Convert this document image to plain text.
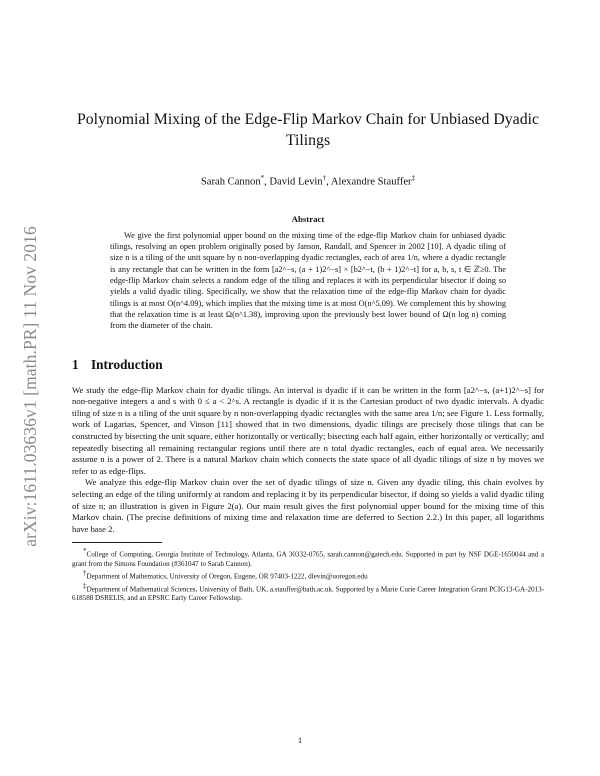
arXiv:1611.03636v1 [math.PR] 11 Nov 2016
Polynomial Mixing of the Edge-Flip Markov Chain for Unbiased Dyadic Tilings
Sarah Cannon*, David Levin†, Alexandre Stauffer‡
Abstract

We give the first polynomial upper bound on the mixing time of the edge-flip Markov chain for unbiased dyadic tilings, resolving an open problem originally posed by Janson, Randall, and Spencer in 2002 [10]. A dyadic tiling of size n is a tiling of the unit square by n non-overlapping dyadic rectangles, each of area 1/n, where a dyadic rectangle is any rectangle that can be written in the form [a2^−s, (a + 1)2^−s] × [b2^−t, (b + 1)2^−t] for a, b, s, t ∈ ℤ≥0. The edge-flip Markov chain selects a random edge of the tiling and replaces it with its perpendicular bisector if doing so yields a valid dyadic tiling. Specifically, we show that the relaxation time of the edge-flip Markov chain for dyadic tilings is at most O(n^4.09), which implies that the mixing time is at most O(n^5.09). We complement this by showing that the relaxation time is at least Ω(n^1.38), improving upon the previously best lower bound of Ω(n log n) coming from the diameter of the chain.

1 Introduction

We study the edge-flip Markov chain for dyadic tilings. An interval is dyadic if it can be written in the form [a2^−s, (a+1)2^−s] for non-negative integers a and s with 0 ≤ a < 2^s. A rectangle is dyadic if it is the Cartesian product of two dyadic intervals. A dyadic tiling of size n is a tiling of the unit square by n non-overlapping dyadic rectangles with the same area 1/n; see Figure 1. Less formally, work of Lagarias, Spencer, and Vinson [11] showed that in two dimensions, dyadic tilings are precisely those tilings that can be constructed by bisecting the unit square, either horizontally or vertically; bisecting each half again, either horizontally or vertically; and repeatedly bisecting all remaining rectangular regions until there are n total dyadic rectangles, each of equal area. We necessarily assume n is a power of 2. There is a natural Markov chain which connects the state space of all dyadic tilings of size n by moves we refer to as edge-flips.

We analyze this edge-flip Markov chain over the set of dyadic tilings of size n. Given any dyadic tiling, this chain evolves by selecting an edge of the tiling uniformly at random and replacing it by its perpendicular bisector, if doing so yields a valid dyadic tiling of size n; an illustration is given in Figure 2(a). Our main result gives the first polynomial upper bound for the mixing time of this Markov chain. (The precise definitions of mixing time and relaxation time are deferred to Section 2.2.) In this paper, all logarithms have base 2.

*College of Computing, Georgia Institute of Technology, Atlanta, GA 30332-0765, sarah.cannon@gatech.edu. Supported in part by NSF DGE-1650044 and a grant from the Simons Foundation (#361047 to Sarah Cannon).

†Department of Mathematics, University of Oregon, Eugene, OR 97403-1222, dlevin@uoregon.edu

‡Department of Mathematical Sciences, University of Bath, UK, a.stauffer@bath.ac.uk. Supported by a Marie Curie Career Integration Grant PCIG13-GA-2013-618588 DSRELIS, and an EPSRC Early Career Fellowship.

1
